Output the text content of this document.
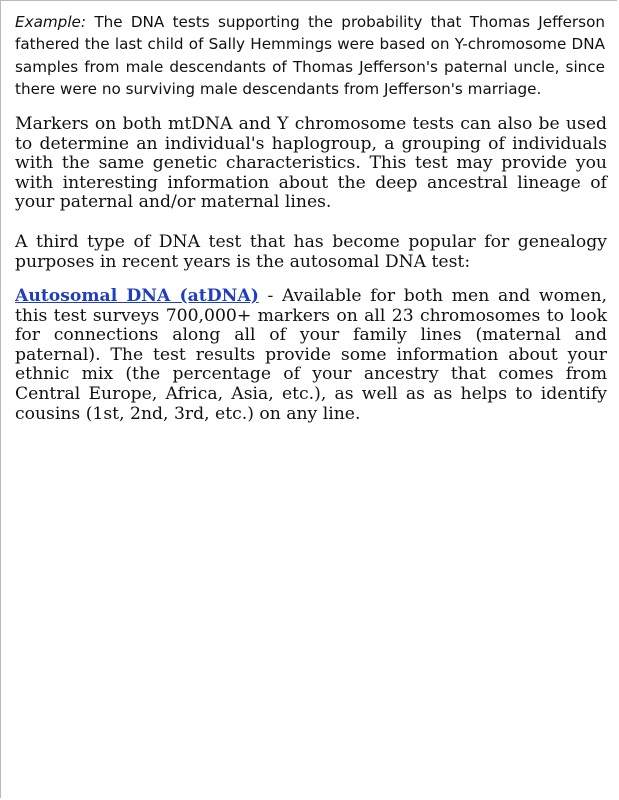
Example: The DNA tests supporting the probability that Thomas Jefferson fathered the last child of Sally Hemmings were based on Y-chromosome DNA samples from male descendants of Thomas Jefferson's paternal uncle, since there were no surviving male descendants from Jefferson's marriage.

Markers on both mtDNA and Y chromosome tests can also be used to determine an individual's haplogroup, a grouping of individuals with the same genetic characteristics. This test may provide you with interesting information about the deep ancestral lineage of your paternal and/or maternal lines.

A third type of DNA test that has become popular for genealogy purposes in recent years is the autosomal DNA test:

Autosomal DNA (atDNA) - Available for both men and women, this test surveys 700,000+ markers on all 23 chromosomes to look for connections along all of your family lines (maternal and paternal). The test results provide some information about your ethnic mix (the percentage of your ancestry that comes from Central Europe, Africa, Asia, etc.), as well as as helps to identify cousins (1st, 2nd, 3rd, etc.) on any line.
